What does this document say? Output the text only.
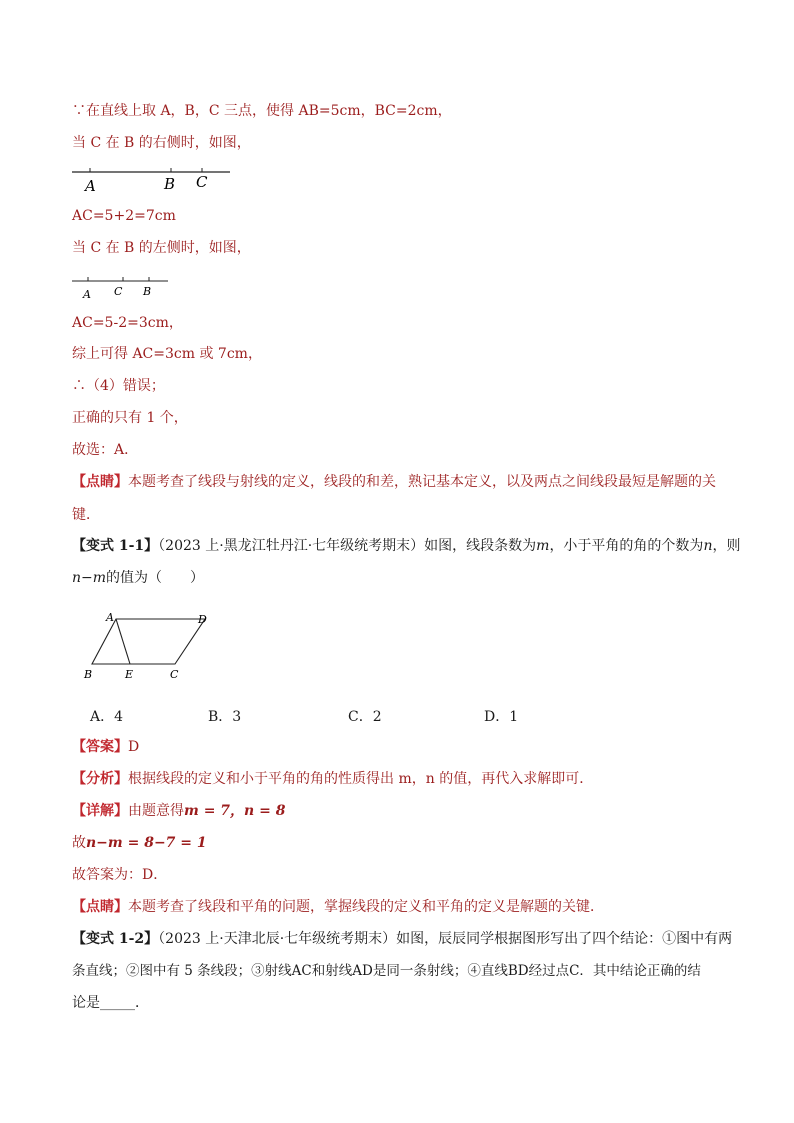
∵在直线上取 A，B，C 三点，使得 AB=5cm，BC=2cm，
当 C 在 B 的右侧时，如图，
A	B C
AC=5+2=7cm
当 C 在 B 的左侧时，如图，
A C B
AC=5-2=3cm，
综上可得 AC=3cm 或 7cm，
∴（4）错误；
正确的只有 1 个，
故选：A．
【点睛】本题考查了线段与射线的定义，线段的和差，熟记基本定义，以及两点之间线段最短是解题的关
键．
【变式 1-1】（2023 上·黑龙江牡丹江·七年级统考期末）如图，线段条数为m，小于平角的角的个数为n，则
n−m的值为（　　）
A	D
B	E	C
A．4	B．3	C．2	D．1
【答案】D
【分析】根据线段的定义和小于平角的角的性质得出 m，n 的值，再代入求解即可．
【详解】由题意得m = 7，n = 8
故n−m = 8−7 = 1
故答案为：D．
【点睛】本题考查了线段和平角的问题，掌握线段的定义和平角的定义是解题的关键．
【变式 1-2】（2023 上·天津北辰·七年级统考期末）如图，辰辰同学根据图形写出了四个结论：①图中有两
条直线；②图中有 5 条线段；③射线AC和射线AD是同一条射线；④直线BD经过点C．其中结论正确的结
论是_____．
